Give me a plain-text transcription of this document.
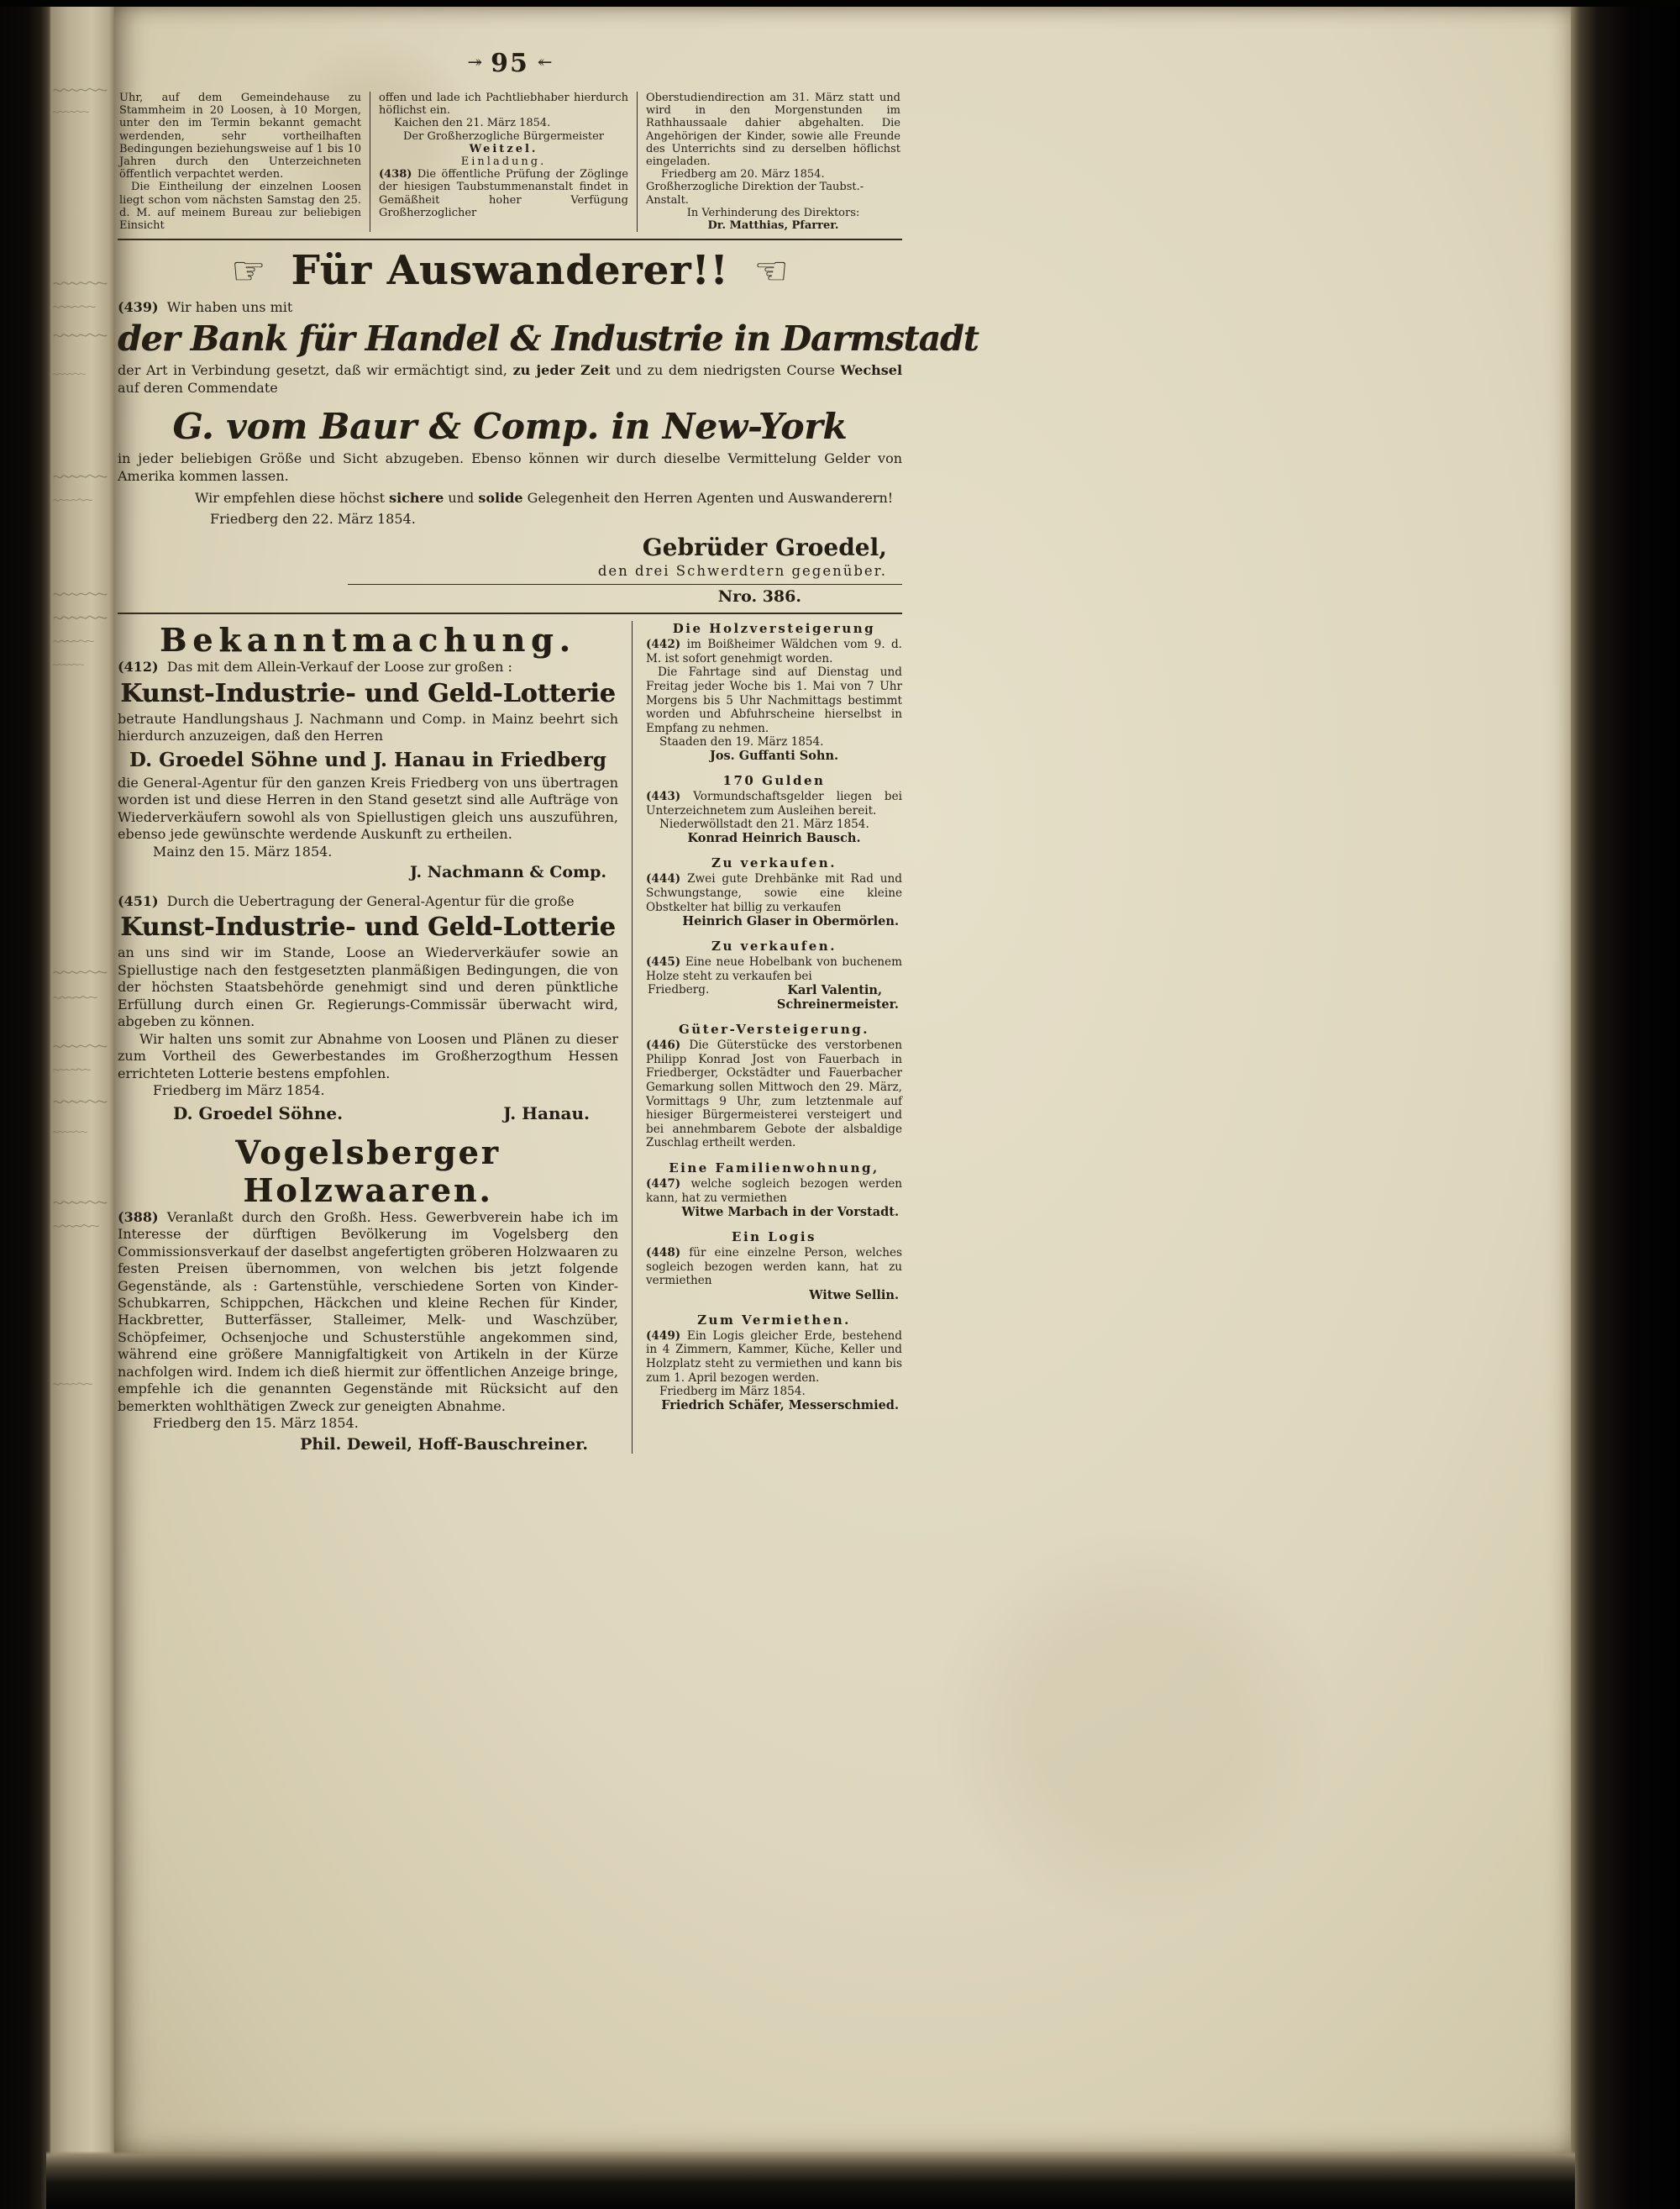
↠ 95 ↞

Uhr, auf dem Gemeindehause zu Stammheim in 20 Loosen, à 10 Morgen, unter den im Termin bekannt gemacht werdenden, sehr vortheilhaften Bedingungen beziehungsweise auf 1 bis 10 Jahren durch den Unterzeichneten öffentlich verpachtet werden.

Die Eintheilung der einzelnen Loosen liegt schon vom nächsten Samstag den 25. d. M. auf meinem Bureau zur beliebigen Einsicht

offen und lade ich Pachtliebhaber hierdurch höflichst ein.

Kaichen den 21. März 1854.

Der Großherzogliche Bürgermeister

Weitzel.

Einladung.

(438) Die öffentliche Prüfung der Zöglinge der hiesigen Taubstummenanstalt findet in Gemäßheit hoher Verfügung Großherzoglicher

Oberstudiendirection am 31. März statt und wird in den Morgenstunden im Rathhaussaale dahier abgehalten. Die Angehörigen der Kinder, sowie alle Freunde des Unterrichts sind zu derselben höflichst eingeladen.

Friedberg am 20. März 1854.

Großherzogliche Direktion der Taubst.-Anstalt.

In Verhinderung des Direktors:

Dr. Matthias, Pfarrer.

☞ Für Auswanderer!! ☜

(439) Wir haben uns mit

der Bank für Handel & Industrie in Darmstadt

der Art in Verbindung gesetzt, daß wir ermächtigt sind, zu jeder Zeit und zu dem niedrigsten Course Wechsel auf deren Commendate

G. vom Baur & Comp. in New-York

in jeder beliebigen Größe und Sicht abzugeben. Ebenso können wir durch dieselbe Vermittelung Gelder von Amerika kommen lassen.

Wir empfehlen diese höchst sichere und solide Gelegenheit den Herren Agenten und Auswanderern!

Friedberg den 22. März 1854.

Gebrüder Groedel,
den drei Schwerdtern gegenüber.
Nro. 386.
Bekanntmachung.

(412) Das mit dem Allein-Verkauf der Loose zur großen :

Kunst-Industrie- und Geld-Lotterie

betraute Handlungshaus J. Nachmann und Comp. in Mainz beehrt sich hierdurch anzuzeigen, daß den Herren

D. Groedel Söhne und J. Hanau in Friedberg

die General-Agentur für den ganzen Kreis Friedberg von uns übertragen worden ist und diese Herren in den Stand gesetzt sind alle Aufträge von Wiederverkäufern sowohl als von Spiellustigen gleich uns auszuführen, ebenso jede gewünschte werdende Auskunft zu ertheilen.

Mainz den 15. März 1854.

J. Nachmann & Comp.

(451) Durch die Uebertragung der General-Agentur für die große

Kunst-Industrie- und Geld-Lotterie

an uns sind wir im Stande, Loose an Wiederverkäufer sowie an Spiellustige nach den festgesetzten planmäßigen Bedingungen, die von der höchsten Staatsbehörde genehmigt sind und deren pünktliche Erfüllung durch einen Gr. Regierungs-Commissär überwacht wird, abgeben zu können.

Wir halten uns somit zur Abnahme von Loosen und Plänen zu dieser zum Vortheil des Gewerbestandes im Großherzogthum Hessen errichteten Lotterie bestens empfohlen.

Friedberg im März 1854.

D. Groedel Söhne.	J. Hanau.
Vogelsberger Holzwaaren.

(388) Veranlaßt durch den Großh. Hess. Gewerbverein habe ich im Interesse der dürftigen Bevölkerung im Vogelsberg den Commissionsverkauf der daselbst angefertigten gröberen Holzwaaren zu festen Preisen übernommen, von welchen bis jetzt folgende Gegenstände, als : Gartenstühle, verschiedene Sorten von Kinder-Schubkarren, Schippchen, Häckchen und kleine Rechen für Kinder, Hackbretter, Butterfässer, Stalleimer, Melk- und Waschzüber, Schöpfeimer, Ochsenjoche und Schusterstühle angekommen sind, während eine größere Mannigfaltigkeit von Artikeln in der Kürze nachfolgen wird. Indem ich dieß hiermit zur öffentlichen Anzeige bringe, empfehle ich die genannten Gegenstände mit Rücksicht auf den bemerkten wohlthätigen Zweck zur geneigten Abnahme.

Friedberg den 15. März 1854.

Phil. Deweil, Hoff-Bauschreiner.
Die Holzversteigerung

(442) im Boißheimer Wäldchen vom 9. d. M. ist sofort genehmigt worden.

Die Fahrtage sind auf Dienstag und Freitag jeder Woche bis 1. Mai von 7 Uhr Morgens bis 5 Uhr Nachmittags bestimmt worden und Abfuhrscheine hierselbst in Empfang zu nehmen.

Staaden den 19. März 1854.

Jos. Guffanti Sohn.
170 Gulden

(443) Vormundschaftsgelder liegen bei Unterzeichnetem zum Ausleihen bereit.

Niederwöllstadt den 21. März 1854.

Konrad Heinrich Bausch.
Zu verkaufen.

(444) Zwei gute Drehbänke mit Rad und Schwungstange, sowie eine kleine Obstkelter hat billig zu verkaufen

Heinrich Glaser in Obermörlen.
Zu verkaufen.

(445) Eine neue Hobelbank von buchenem Holze steht zu verkaufen bei

Friedberg.	Karl Valentin,
Schreinermeister.
Güter-Versteigerung.

(446) Die Güterstücke des verstorbenen Philipp Konrad Jost von Fauerbach in Friedberger, Ockstädter und Fauerbacher Gemarkung sollen Mittwoch den 29. März, Vormittags 9 Uhr, zum letztenmale auf hiesiger Bürgermeisterei versteigert und bei annehmbarem Gebote der alsbaldige Zuschlag ertheilt werden.

Eine Familienwohnung,

(447) welche sogleich bezogen werden kann, hat zu vermiethen

Witwe Marbach in der Vorstadt.
Ein Logis

(448) für eine einzelne Person, welches sogleich bezogen werden kann, hat zu vermiethen

Witwe Sellin.
Zum Vermiethen.

(449) Ein Logis gleicher Erde, bestehend in 4 Zimmern, Kammer, Küche, Keller und Holzplatz steht zu vermiethen und kann bis zum 1. April bezogen werden.

Friedberg im März 1854.

Friedrich Schäfer, Messerschmied.
